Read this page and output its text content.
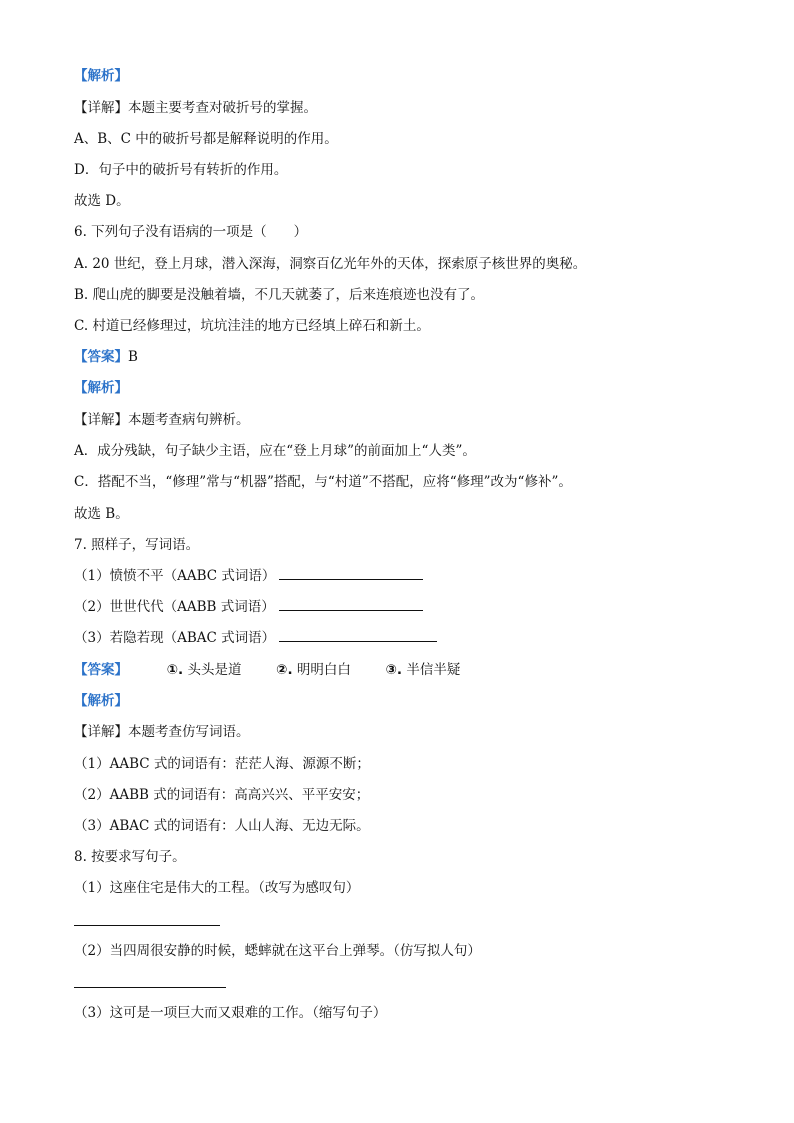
【解析】
【详解】本题主要考查对破折号的掌握。
A、B、C 中的破折号都是解释说明的作用。
D．句子中的破折号有转折的作用。
故选 D。
6. 下列句子没有语病的一项是（　　）
A. 20 世纪，登上月球，潜入深海，洞察百亿光年外的天体，探索原子核世界的奥秘。
B. 爬山虎的脚要是没触着墙，不几天就萎了，后来连痕迹也没有了。
C. 村道已经修理过，坑坑洼洼的地方已经填上碎石和新土。
【答案】B
【解析】
【详解】本题考查病句辨析。
A．成分残缺，句子缺少主语，应在“登上月球”的前面加上“人类”。
C．搭配不当，“修理”常与“机器”搭配，与“村道”不搭配，应将“修理”改为“修补”。
故选 B。
7. 照样子，写词语。
（1）愤愤不平（AABC 式词语）
（2）世世代代（AABB 式词语）
（3）若隐若现（ABAC 式词语）
【答案】	①. 头头是道	②. 明明白白	③. 半信半疑
【解析】
【详解】本题考查仿写词语。
（1）AABC 式的词语有：茫茫人海、源源不断；
（2）AABB 式的词语有：高高兴兴、平平安安；
（3）ABAC 式的词语有：人山人海、无边无际。
8. 按要求写句子。
（1）这座住宅是伟大的工程。（改写为感叹句）
（2）当四周很安静的时候，蟋蟀就在这平台上弹琴。（仿写拟人句）
（3）这可是一项巨大而又艰难的工作。（缩写句子）
